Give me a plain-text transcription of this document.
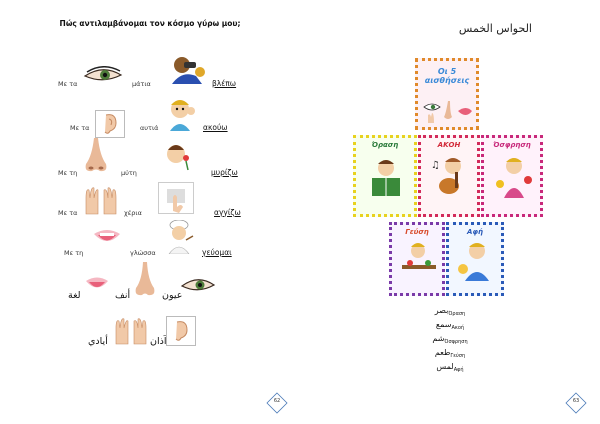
Πώς αντιλαμβάνομαι τον κόσμο γύρω μου;
Με τα	μάτια	βλέπω
Με τα	αυτιά	ακούω
Με τη	μύτη	μυρίζω
Με τα	χέρια	αγγίζω
Με τη	γλώσσα	γεύομαι
لغة	أنف	عيون
أيادي	آذان
62
الحواس الخمس
Οι 5 αισθήσεις
Όραση	ΑΚΟΗ
♫
Όσφρηση
Γεύση	Αφή
بصر$_{Ό\rho\alpha\sigma\eta}$
سمع$_{A\kappa oή}$
شم$_{Ό\sigma\varphi\rho\eta\sigma\eta}$
طعم$_{\Gamma\varepsilon ύ\sigma\eta}$
لمس$_{A\varphi ή}$
63
